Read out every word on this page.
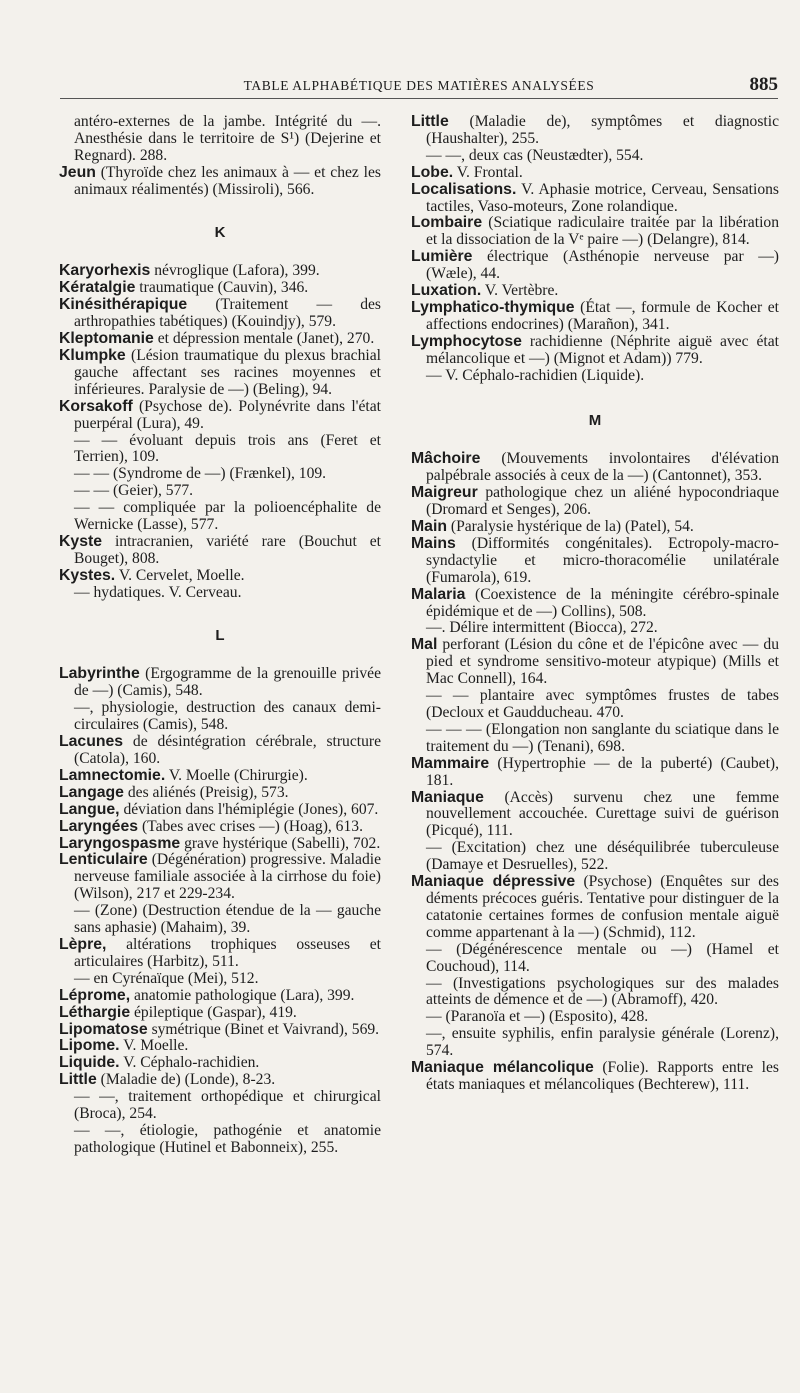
TABLE ALPHABÉTIQUE DES MATIÈRES ANALYSÉES	885

antéro-externes de la jambe. Intégrité du —. Anesthésie dans le territoire de S¹) (Dejerine et Regnard). 288.

Jeun (Thyroïde chez les animaux à — et chez les animaux réalimentés) (Missiroli), 566.

K

Karyorhexis névroglique (Lafora), 399.

Kératalgie traumatique (Cauvin), 346.

Kinésithérapique (Traitement — des arthropathies tabétiques) (Kouindjy), 579.

Kleptomanie et dépression mentale (Janet), 270.

Klumpke (Lésion traumatique du plexus brachial gauche affectant ses racines moyennes et inférieures. Paralysie de —) (Beling), 94.

Korsakoff (Psychose de). Polynévrite dans l'état puerpéral (Lura), 49.

— — évoluant depuis trois ans (Feret et Terrien), 109.

— — (Syndrome de —) (Frænkel), 109.

— — (Geier), 577.

— — compliquée par la polioencéphalite de Wernicke (Lasse), 577.

Kyste intracranien, variété rare (Bouchut et Bouget), 808.

Kystes. V. Cervelet, Moelle.

— hydatiques. V. Cerveau.

L

Labyrinthe (Ergogramme de la grenouille privée de —) (Camis), 548.

—, physiologie, destruction des canaux demi-circulaires (Camis), 548.

Lacunes de désintégration cérébrale, structure (Catola), 160.

Lamnectomie. V. Moelle (Chirurgie).

Langage des aliénés (Preisig), 573.

Langue, déviation dans l'hémiplégie (Jones), 607.

Laryngées (Tabes avec crises —) (Hoag), 613.

Laryngospasme grave hystérique (Sabelli), 702.

Lenticulaire (Dégénération) progressive. Maladie nerveuse familiale associée à la cirrhose du foie) (Wilson), 217 et 229-234.

— (Zone) (Destruction étendue de la — gauche sans aphasie) (Mahaim), 39.

Lèpre, altérations trophiques osseuses et articulaires (Harbitz), 511.

— en Cyrénaïque (Mei), 512.

Léprome, anatomie pathologique (Lara), 399.

Léthargie épileptique (Gaspar), 419.

Lipomatose symétrique (Binet et Vaivrand), 569.

Lipome. V. Moelle.

Liquide. V. Céphalo-rachidien.

Little (Maladie de) (Londe), 8-23.

— —, traitement orthopédique et chirurgical (Broca), 254.

— —, étiologie, pathogénie et anatomie pathologique (Hutinel et Babonneix), 255.

Little (Maladie de), symptômes et diagnostic (Haushalter), 255.

— —, deux cas (Neustædter), 554.

Lobe. V. Frontal.

Localisations. V. Aphasie motrice, Cerveau, Sensations tactiles, Vaso-moteurs, Zone rolandique.

Lombaire (Sciatique radiculaire traitée par la libération et la dissociation de la Vᵉ paire —) (Delangre), 814.

Lumière électrique (Asthénopie nerveuse par —) (Wæle), 44.

Luxation. V. Vertèbre.

Lymphatico-thymique (État —, formule de Kocher et affections endocrines) (Marañon), 341.

Lymphocytose rachidienne (Néphrite aiguë avec état mélancolique et —) (Mignot et Adam)) 779.

— V. Céphalo-rachidien (Liquide).

M

Mâchoire (Mouvements involontaires d'élévation palpébrale associés à ceux de la —) (Cantonnet), 353.

Maigreur pathologique chez un aliéné hypocondriaque (Dromard et Senges), 206.

Main (Paralysie hystérique de la) (Patel), 54.

Mains (Difformités congénitales). Ectropoly-macro-syndactylie et micro-thoracomélie unilatérale (Fumarola), 619.

Malaria (Coexistence de la méningite cérébro-spinale épidémique et de —) Collins), 508.

—. Délire intermittent (Biocca), 272.

Mal perforant (Lésion du cône et de l'épicône avec — du pied et syndrome sensitivo-moteur atypique) (Mills et Mac Connell), 164.

— — plantaire avec symptômes frustes de tabes (Decloux et Gaudducheau. 470.

— — — (Elongation non sanglante du sciatique dans le traitement du —) (Tenani), 698.

Mammaire (Hypertrophie — de la puberté) (Caubet), 181.

Maniaque (Accès) survenu chez une femme nouvellement accouchée. Curettage suivi de guérison (Picqué), 111.

— (Excitation) chez une déséquilibrée tuberculeuse (Damaye et Desruelles), 522.

Maniaque dépressive (Psychose) (Enquêtes sur des déments précoces guéris. Tentative pour distinguer de la catatonie certaines formes de confusion mentale aiguë comme appartenant à la —) (Schmid), 112.

— (Dégénérescence mentale ou —) (Hamel et Couchoud), 114.

— (Investigations psychologiques sur des malades atteints de démence et de —) (Abramoff), 420.

— (Paranoïa et —) (Esposito), 428.

—, ensuite syphilis, enfin paralysie générale (Lorenz), 574.

Maniaque mélancolique (Folie). Rapports entre les états maniaques et mélancoliques (Bechterew), 111.
